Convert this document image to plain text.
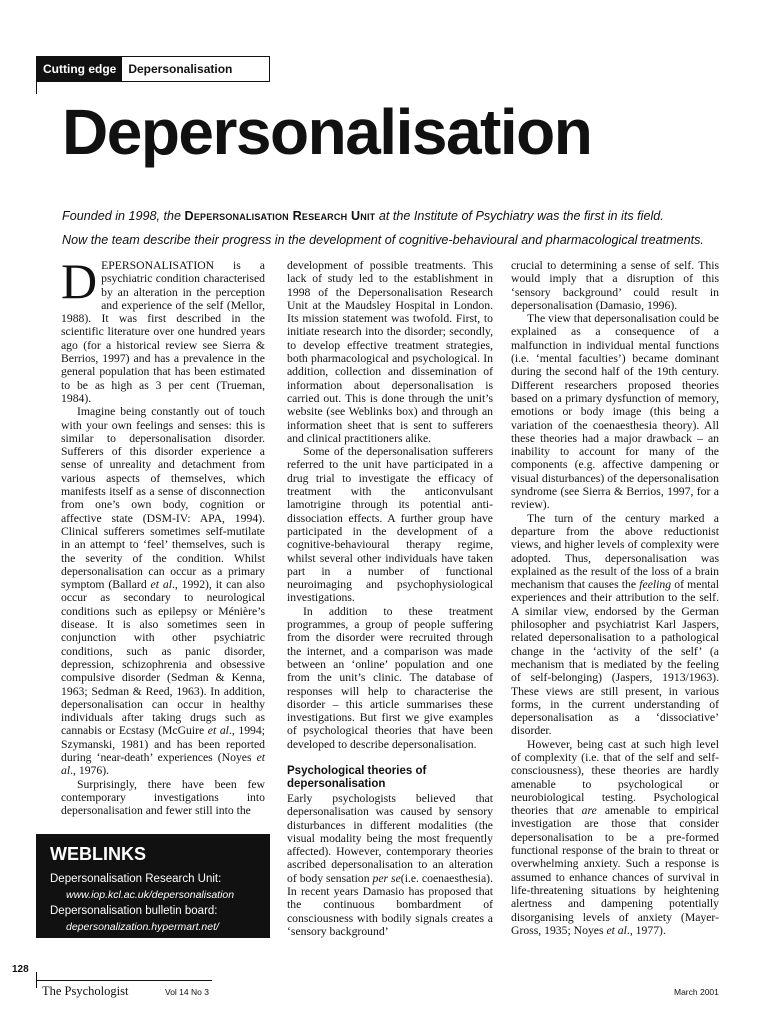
Cutting edge	Depersonalisation
Depersonalisation
Founded in 1998, the Depersonalisation Research Unit at the Institute of Psychiatry was the first in its field.
Now the team describe their progress in the development of cognitive-behavioural and pharmacological treatments.

DEPERSONALISATION is a psychiatric condition characterised by an alteration in the perception and experience of the self (Mellor, 1988). It was first described in the scientific literature over one hundred years ago (for a historical review see Sierra & Berrios, 1997) and has a prevalence in the general population that has been estimated to be as high as 3 per cent (Trueman, 1984).

Imagine being constantly out of touch with your own feelings and senses: this is similar to depersonalisation disorder. Sufferers of this disorder experience a sense of unreality and detachment from various aspects of themselves, which manifests itself as a sense of disconnection from one’s own body, cognition or affective state (DSM-IV: APA, 1994). Clinical sufferers sometimes self-mutilate in an attempt to ‘feel’ themselves, such is the severity of the condition. Whilst depersonalisation can occur as a primary symptom (Ballard et al., 1992), it can also occur as secondary to neurological conditions such as epilepsy or Ménière’s disease. It is also sometimes seen in conjunction with other psychiatric conditions, such as panic disorder, depression, schizophrenia and obsessive compulsive disorder (Sedman & Kenna, 1963; Sedman & Reed, 1963). In addition, depersonalisation can occur in healthy individuals after taking drugs such as cannabis or Ecstasy (McGuire et al., 1994; Szymanski, 1981) and has been reported during ‘near-death’ experiences (Noyes et al., 1976).

Surprisingly, there have been few contemporary investigations into depersonalisation and fewer still into the

development of possible treatments. This lack of study led to the establishment in 1998 of the Depersonalisation Research Unit at the Maudsley Hospital in London. Its mission statement was twofold. First, to initiate research into the disorder; secondly, to develop effective treatment strategies, both pharmacological and psychological. In addition, collection and dissemination of information about depersonalisation is carried out. This is done through the unit’s website (see Weblinks box) and through an information sheet that is sent to sufferers and clinical practitioners alike.

Some of the depersonalisation sufferers referred to the unit have participated in a drug trial to investigate the efficacy of treatment with the anticonvulsant lamotrigine through its potential anti-dissociation effects. A further group have participated in the development of a cognitive-behavioural therapy regime, whilst several other individuals have taken part in a number of functional neuroimaging and psychophysiological investigations.

In addition to these treatment programmes, a group of people suffering from the disorder were recruited through the internet, and a comparison was made between an ‘online’ population and one from the unit’s clinic. The database of responses will help to characterise the disorder – this article summarises these investigations. But first we give examples of psychological theories that have been developed to describe depersonalisation.

Psychological theories of depersonalisation

Early psychologists believed that depersonalisation was caused by sensory disturbances in different modalities (the visual modality being the most frequently affected). However, contemporary theories ascribed depersonalisation to an alteration of body sensation per se(i.e. coenaesthesia). In recent years Damasio has proposed that the continuous bombardment of consciousness with bodily signals creates a ‘sensory background’

crucial to determining a sense of self. This would imply that a disruption of this ‘sensory background’ could result in depersonalisation (Damasio, 1996).

The view that depersonalisation could be explained as a consequence of a malfunction in individual mental functions (i.e. ‘mental faculties’) became dominant during the second half of the 19th century. Different researchers proposed theories based on a primary dysfunction of memory, emotions or body image (this being a variation of the coenaesthesia theory). All these theories had a major drawback – an inability to account for many of the components (e.g. affective dampening or visual disturbances) of the depersonalisation syndrome (see Sierra & Berrios, 1997, for a review).

The turn of the century marked a departure from the above reductionist views, and higher levels of complexity were adopted. Thus, depersonalisation was explained as the result of the loss of a brain mechanism that causes the feeling of mental experiences and their attribution to the self. A similar view, endorsed by the German philosopher and psychiatrist Karl Jaspers, related depersonalisation to a pathological change in the ‘activity of the self’ (a mechanism that is mediated by the feeling of self-belonging) (Jaspers, 1913/1963). These views are still present, in various forms, in the current understanding of depersonalisation as a ‘dissociative’ disorder.

However, being cast at such high level of complexity (i.e. that of the self and self-consciousness), these theories are hardly amenable to psychological or neurobiological testing. Psychological theories that are amenable to empirical investigation are those that consider depersonalisation to be a pre-formed functional response of the brain to threat or overwhelming anxiety. Such a response is assumed to enhance chances of survival in life-threatening situations by heightening alertness and dampening potentially disorganising levels of anxiety (Mayer-Gross, 1935; Noyes et al., 1977).

WEBLINKS
Depersonalisation Research Unit:
www.iop.kcl.ac.uk/depersonalisation
Depersonalisation bulletin board:
depersonalization.hypermart.net/
128
The Psychologist	Vol 14 No 3	March 2001
